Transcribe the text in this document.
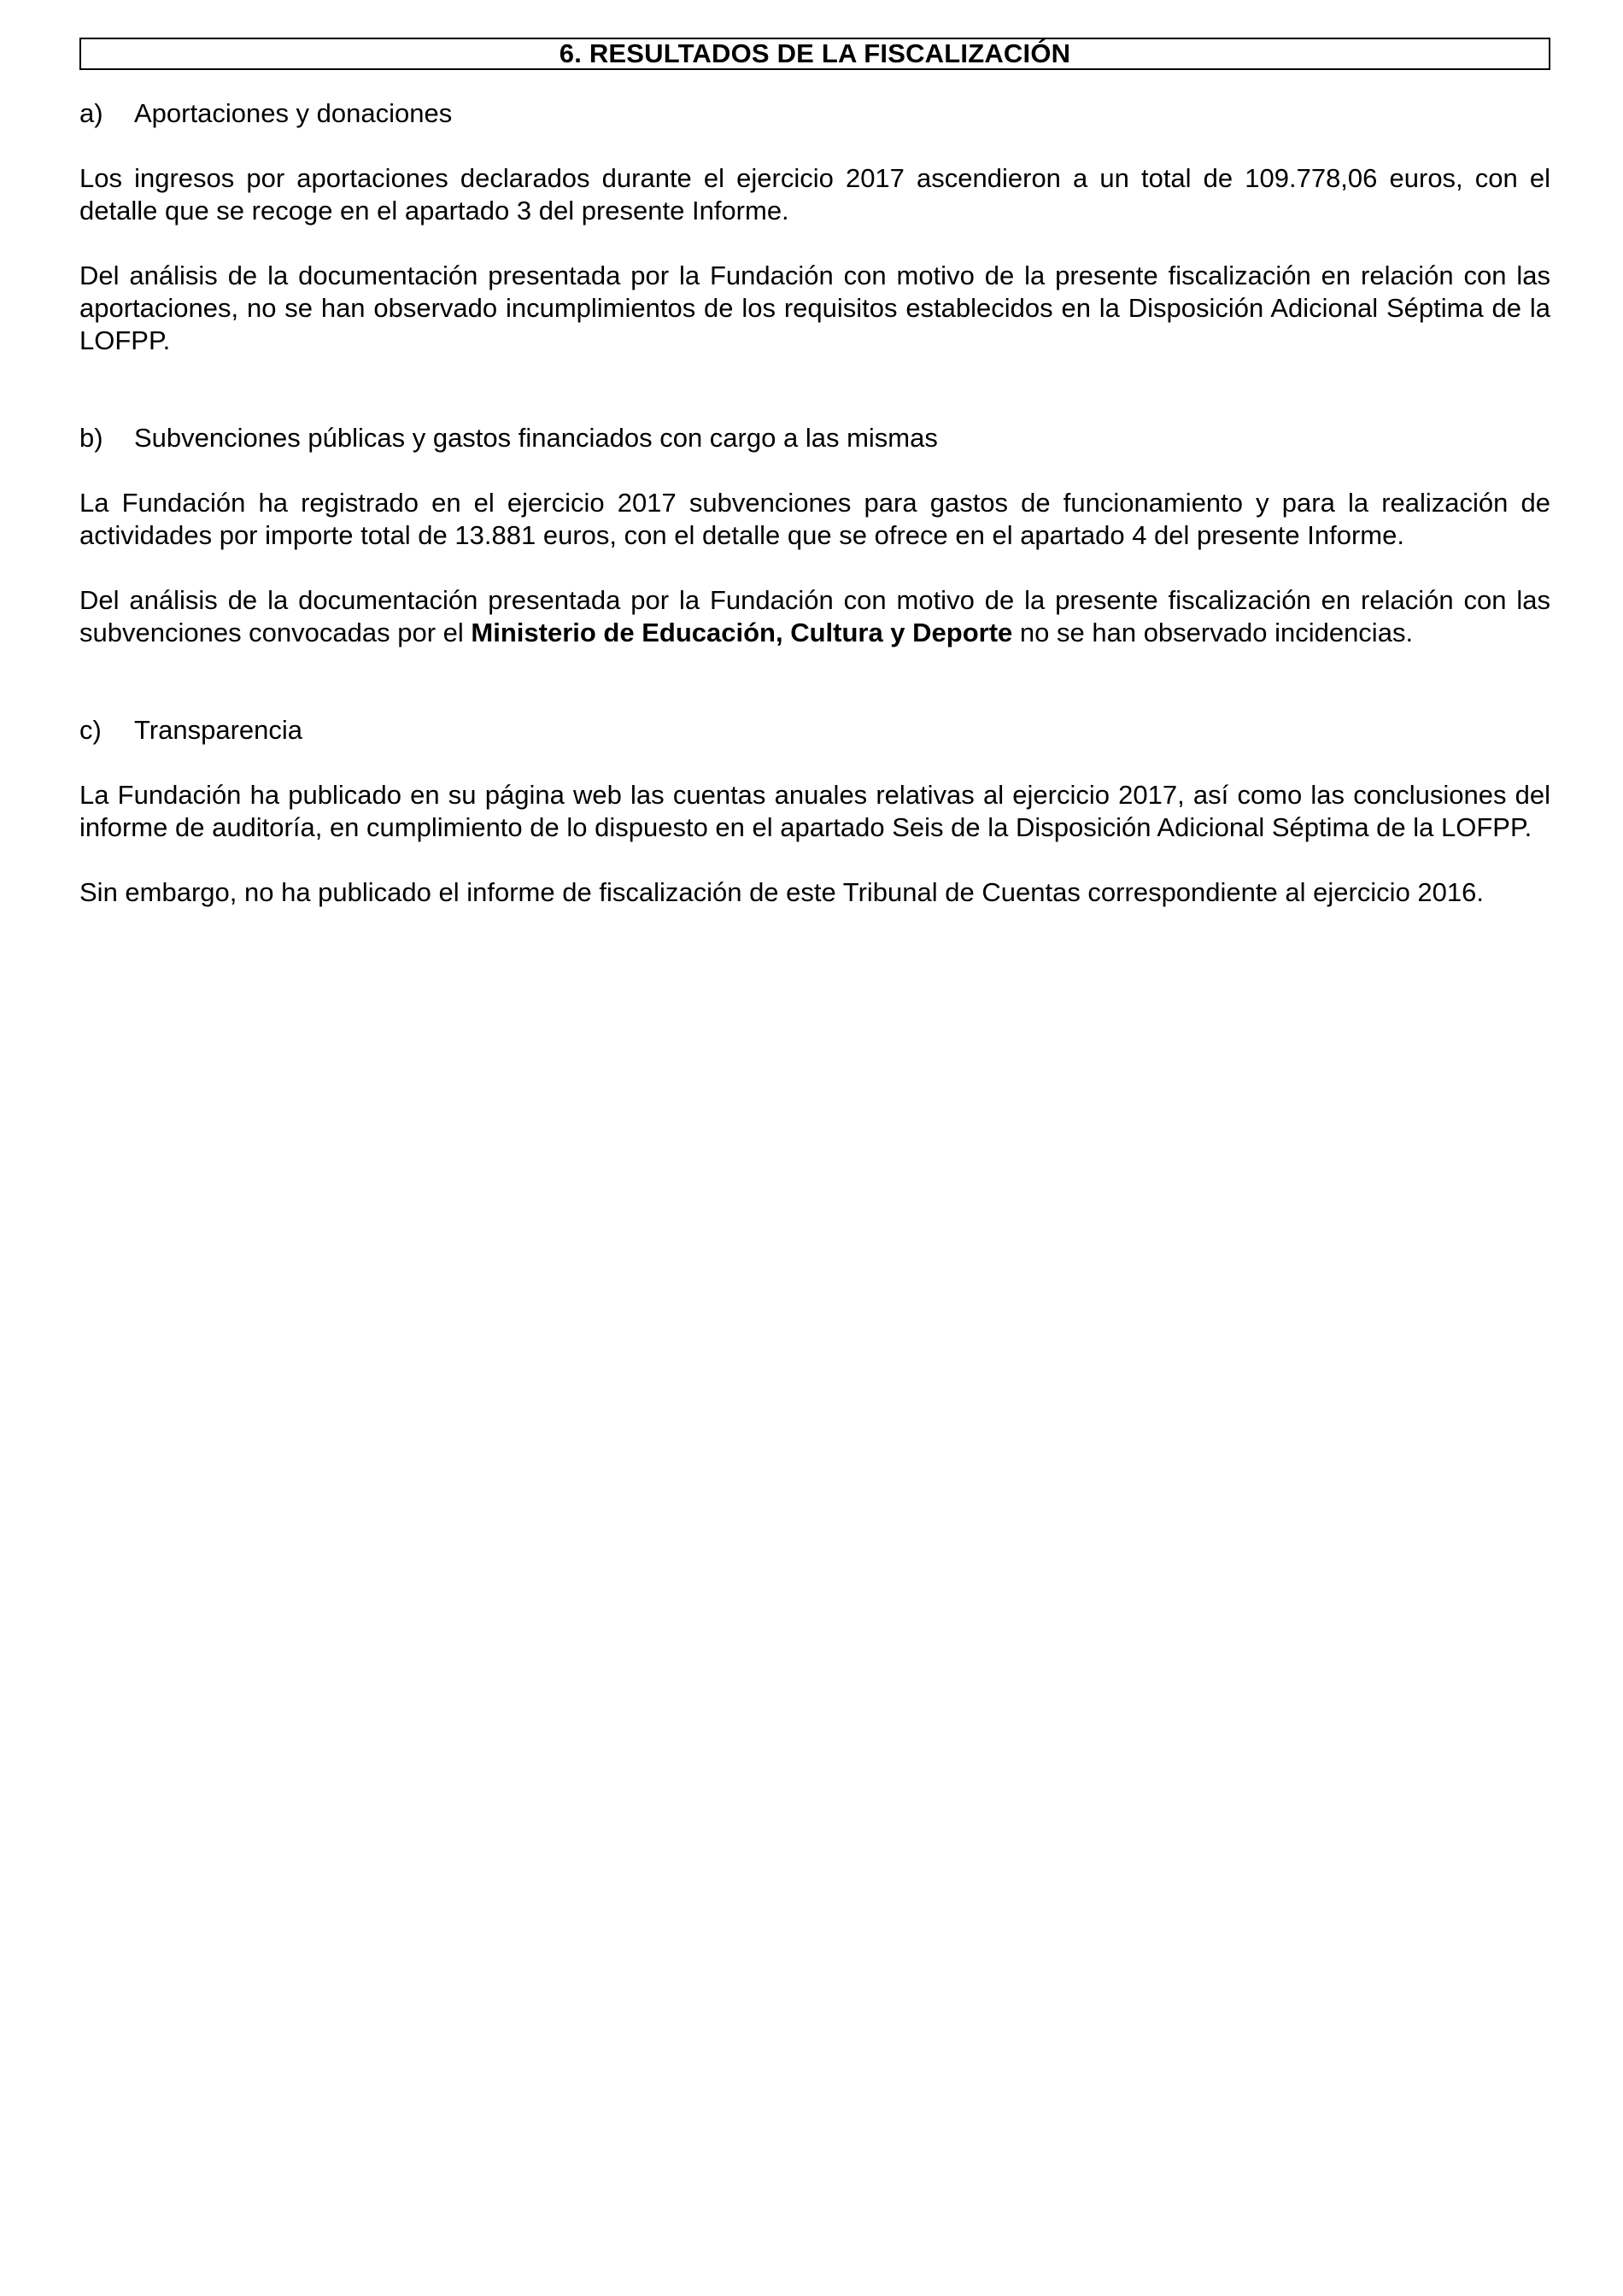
6. RESULTADOS DE LA FISCALIZACIÓN
a)	Aportaciones y donaciones

Los ingresos por aportaciones declarados durante el ejercicio 2017 ascendieron a un total de 109.778,06 euros, con el detalle que se recoge en el apartado 3 del presente Informe.

Del análisis de la documentación presentada por la Fundación con motivo de la presente fiscalización en relación con las aportaciones, no se han observado incumplimientos de los requisitos establecidos en la Disposición Adicional Séptima de la LOFPP.

b)	Subvenciones públicas y gastos financiados con cargo a las mismas

La Fundación ha registrado en el ejercicio 2017 subvenciones para gastos de funcionamiento y para la realización de actividades por importe total de 13.881 euros, con el detalle que se ofrece en el apartado 4 del presente Informe.

Del análisis de la documentación presentada por la Fundación con motivo de la presente fiscalización en relación con las subvenciones convocadas por el Ministerio de Educación, Cultura y Deporte no se han observado incidencias.

c)	Transparencia

La Fundación ha publicado en su página web las cuentas anuales relativas al ejercicio 2017, así como las conclusiones del informe de auditoría, en cumplimiento de lo dispuesto en el apartado Seis de la Disposición Adicional Séptima de la LOFPP.

Sin embargo, no ha publicado el informe de fiscalización de este Tribunal de Cuentas correspondiente al ejercicio 2016.
